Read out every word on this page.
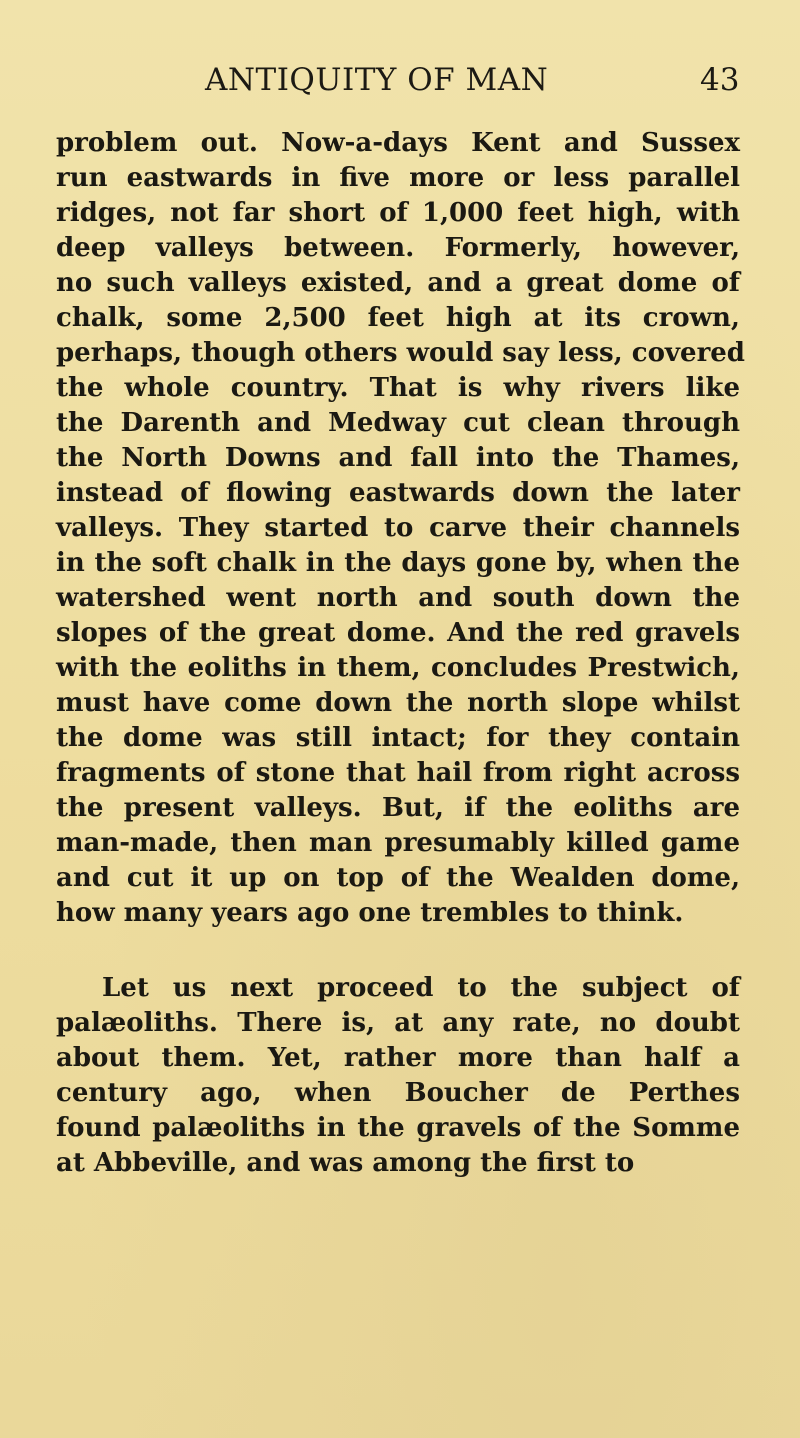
ANTIQUITY OF MAN	43
problem out. Now-a-days Kent and Sussex
run eastwards in five more or less parallel
ridges, not far short of 1,000 feet high, with
deep valleys between. Formerly, however,
no such valleys existed, and a great dome of
chalk, some 2,500 feet high at its crown,
perhaps, though others would say less, covered
the whole country. That is why rivers like
the Darenth and Medway cut clean through
the North Downs and fall into the Thames,
instead of flowing eastwards down the later
valleys. They started to carve their channels
in the soft chalk in the days gone by, when the
watershed went north and south down the
slopes of the great dome. And the red gravels
with the eoliths in them, concludes Prestwich,
must have come down the north slope whilst
the dome was still intact; for they contain
fragments of stone that hail from right across
the present valleys. But, if the eoliths are
man-made, then man presumably killed game
and cut it up on top of the Wealden dome,
how many years ago one trembles to think.
Let us next proceed to the subject of
palæoliths. There is, at any rate, no doubt
about them. Yet, rather more than half a
century ago, when Boucher de Perthes
found palæoliths in the gravels of the Somme
at Abbeville, and was among the first to
